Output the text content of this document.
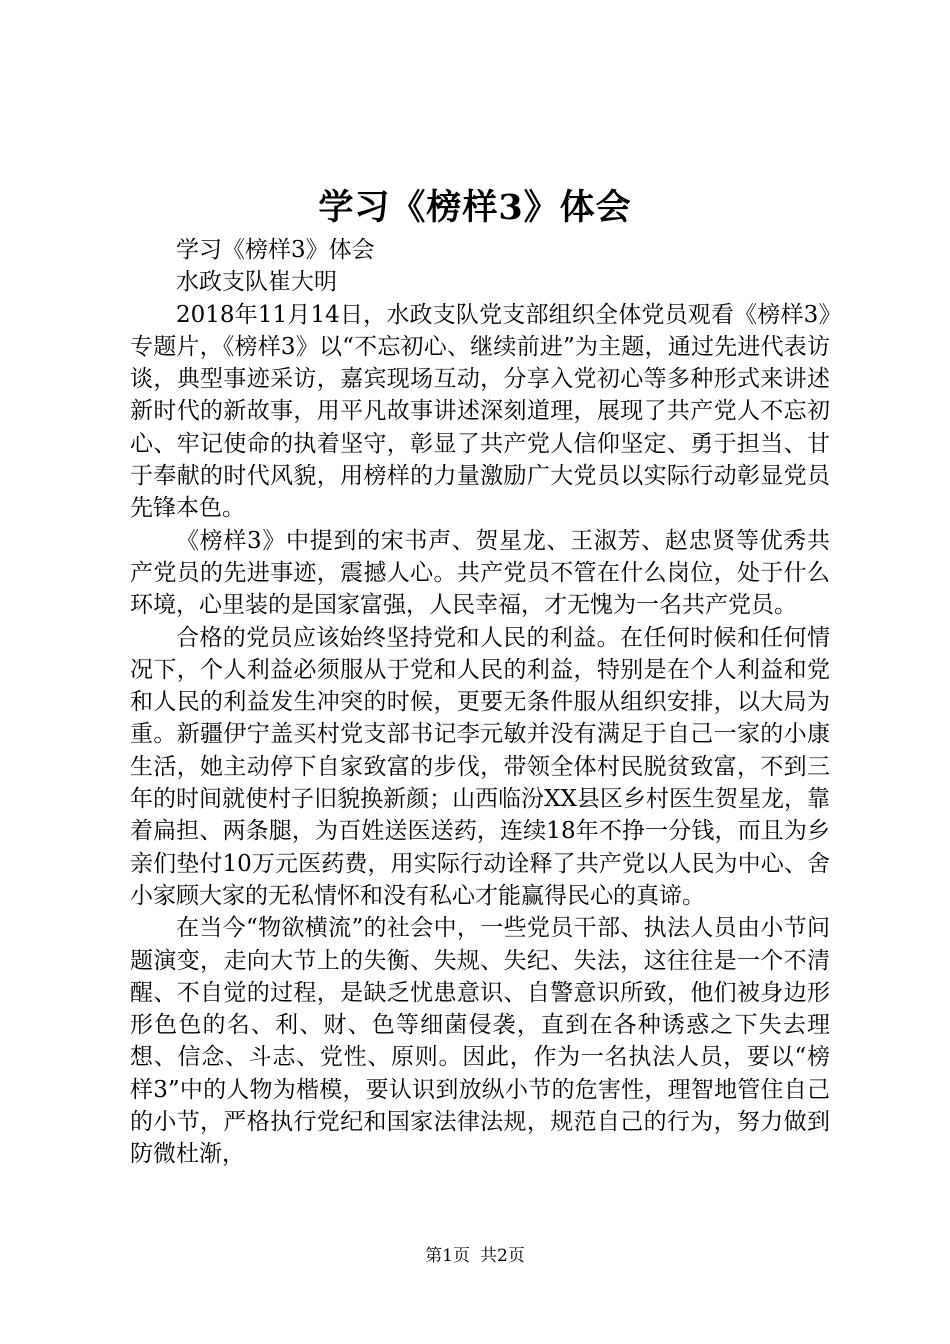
学习《榜样3》体会

学习《榜样3》体会

水政支队崔大明

2018年11月14日，水政支队党支部组织全体党员观看《榜样3》专题片，《榜样3》以“不忘初心、继续前进”为主题，通过先进代表访谈，典型事迹采访，嘉宾现场互动，分享入党初心等多种形式来讲述新时代的新故事，用平凡故事讲述深刻道理，展现了共产党人不忘初心、牢记使命的执着坚守，彰显了共产党人信仰坚定、勇于担当、甘于奉献的时代风貌，用榜样的力量激励广大党员以实际行动彰显党员先锋本色。

《榜样3》中提到的宋书声、贺星龙、王淑芳、赵忠贤等优秀共产党员的先进事迹，震撼人心。共产党员不管在什么岗位，处于什么环境，心里装的是国家富强，人民幸福，才无愧为一名共产党员。

合格的党员应该始终坚持党和人民的利益。在任何时候和任何情况下，个人利益必须服从于党和人民的利益，特别是在个人利益和党和人民的利益发生冲突的时候，更要无条件服从组织安排，以大局为重。新疆伊宁盖买村党支部书记李元敏并没有满足于自己一家的小康生活，她主动停下自家致富的步伐，带领全体村民脱贫致富，不到三年的时间就使村子旧貌换新颜；山西临汾XX县区乡村医生贺星龙，靠着扁担、两条腿，为百姓送医送药，连续18年不挣一分钱，而且为乡亲们垫付10万元医药费，用实际行动诠释了共产党以人民为中心、舍小家顾大家的无私情怀和没有私心才能赢得民心的真谛。

在当今“物欲横流”的社会中，一些党员干部、执法人员由小节问题演变，走向大节上的失衡、失规、失纪、失法，这往往是一个不清醒、不自觉的过程，是缺乏忧患意识、自警意识所致，他们被身边形形色色的名、利、财、色等细菌侵袭，直到在各种诱惑之下失去理想、信念、斗志、党性、原则。因此，作为一名执法人员，要以“榜样3”中的人物为楷模，要认识到放纵小节的危害性，理智地管住自己的小节，严格执行党纪和国家法律法规，规范自己的行为，努力做到防微杜渐，

第1页 共2页
